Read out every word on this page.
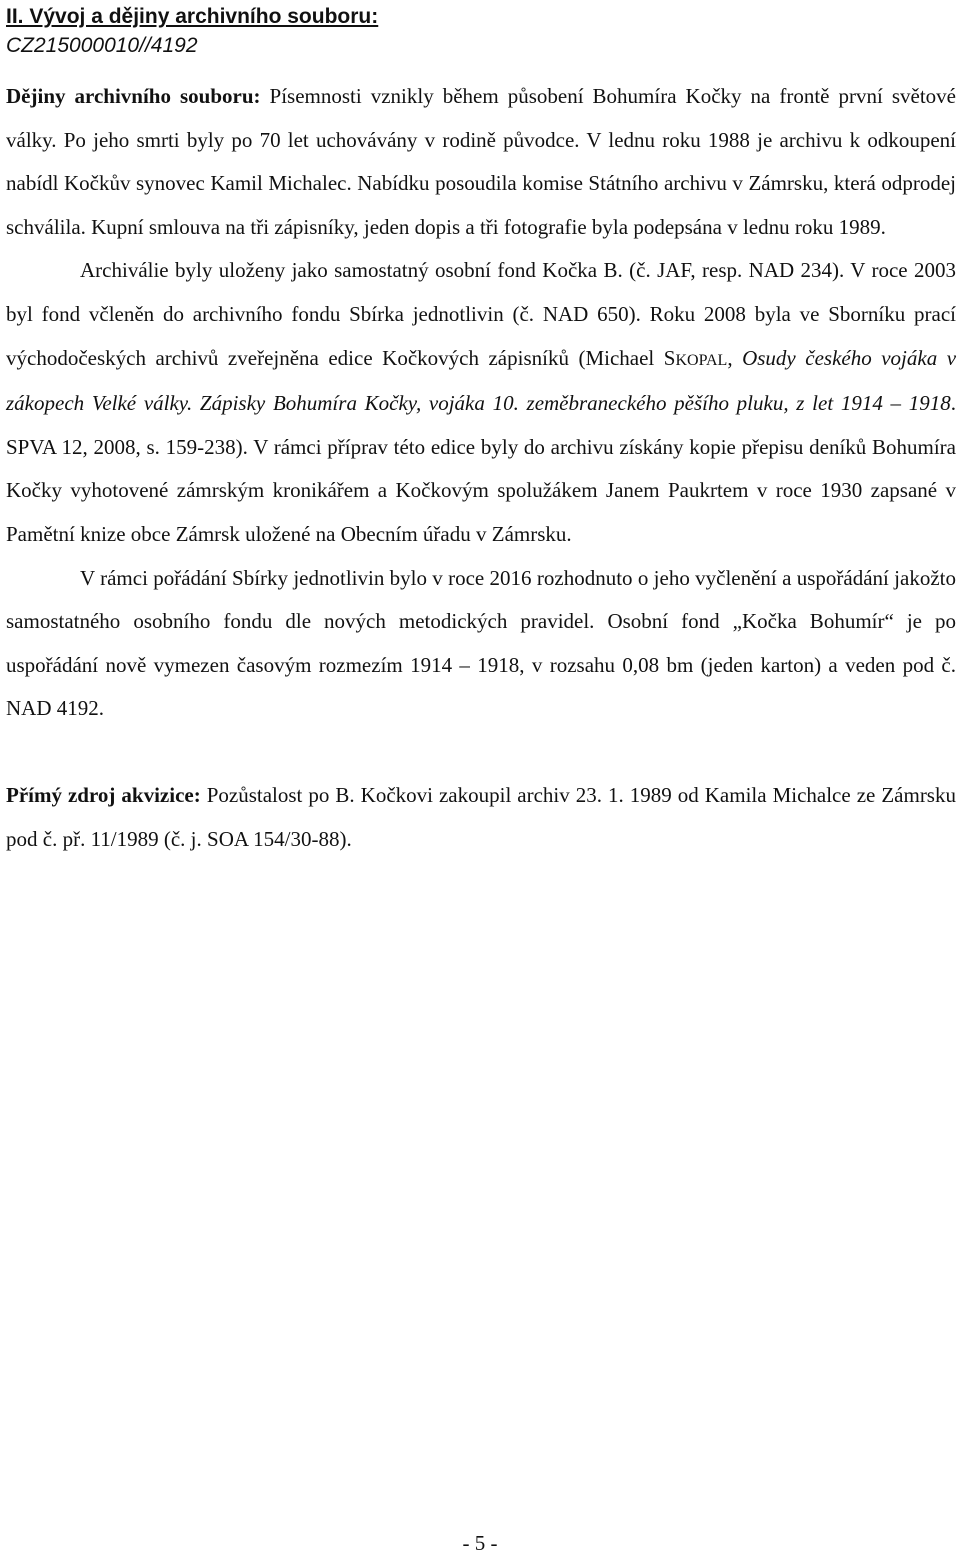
II. Vývoj a dějiny archivního souboru:
CZ215000010//4192

Dějiny archivního souboru: Písemnosti vznikly během působení Bohumíra Kočky na frontě první světové války. Po jeho smrti byly po 70 let uchovávány v rodině původce. V lednu roku 1988 je archivu k odkoupení nabídl Kočkův synovec Kamil Michalec. Nabídku posoudila komise Státního archivu v Zámrsku, která odprodej schválila. Kupní smlouva na tři zápisníky, jeden dopis a tři fotografie byla podepsána v lednu roku 1989.

Archiválie byly uloženy jako samostatný osobní fond Kočka B. (č. JAF, resp. NAD 234). V roce 2003 byl fond včleněn do archivního fondu Sbírka jednotlivin (č. NAD 650). Roku 2008 byla ve Sborníku prací východočeských archivů zveřejněna edice Kočkových zápisníků (Michael SKOPAL, Osudy českého vojáka v zákopech Velké války. Zápisky Bohumíra Kočky, vojáka 10. zeměbraneckého pěšího pluku, z let 1914 – 1918. SPVA 12, 2008, s. 159-238). V rámci příprav této edice byly do archivu získány kopie přepisu deníků Bohumíra Kočky vyhotovené zámrským kronikářem a Kočkovým spolužákem Janem Paukrtem v roce 1930 zapsané v Pamětní knize obce Zámrsk uložené na Obecním úřadu v Zámrsku.

V rámci pořádání Sbírky jednotlivin bylo v roce 2016 rozhodnuto o jeho vyčlenění a uspořádání jakožto samostatného osobního fondu dle nových metodických pravidel. Osobní fond „Kočka Bohumír“ je po uspořádání nově vymezen časovým rozmezím 1914 – 1918, v rozsahu 0,08 bm (jeden karton) a veden pod č. NAD 4192.

Přímý zdroj akvizice: Pozůstalost po B. Kočkovi zakoupil archiv 23. 1. 1989 od Kamila Michalce ze Zámrsku pod č. př. 11/1989 (č. j. SOA 154/30-88).

- 5 -
